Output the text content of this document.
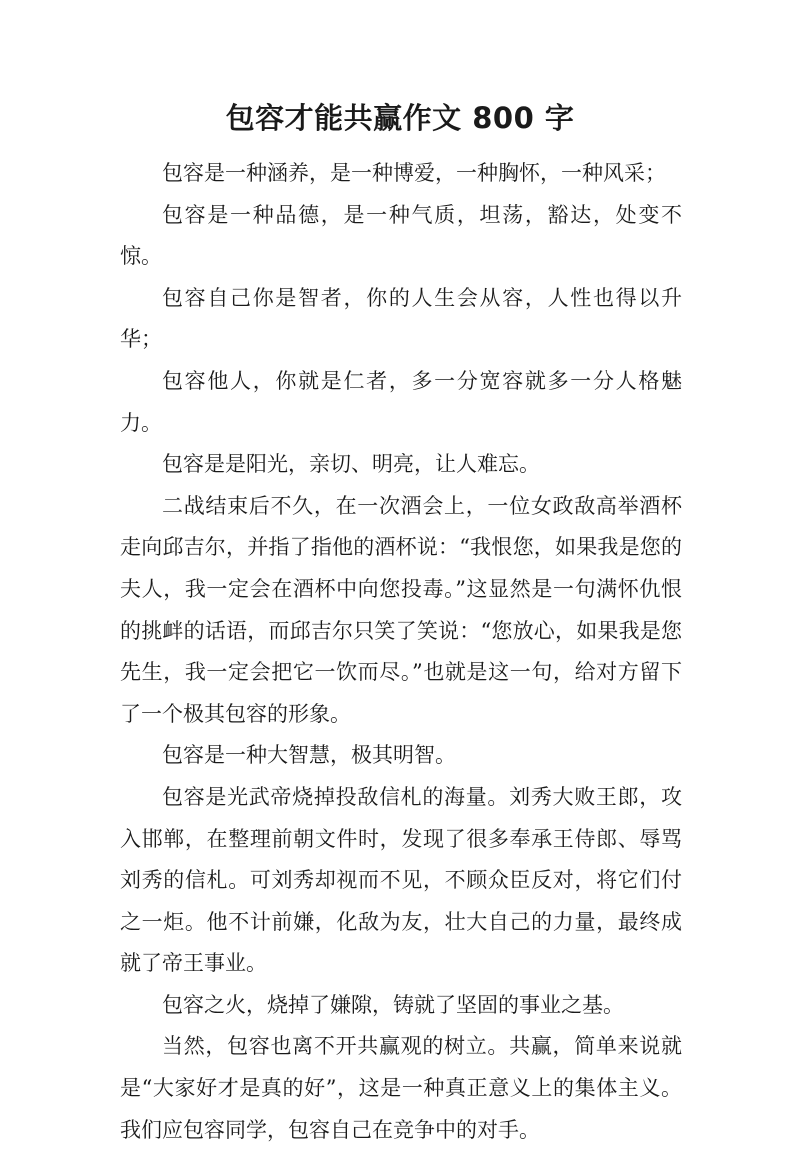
包容才能共赢作文 800 字

包容是一种涵养，是一种博爱，一种胸怀，一种风采；

包容是一种品德，是一种气质，坦荡，豁达，处变不惊。

包容自己你是智者，你的人生会从容，人性也得以升华；

包容他人，你就是仁者，多一分宽容就多一分人格魅力。

包容是是阳光，亲切、明亮，让人难忘。

二战结束后不久，在一次酒会上，一位女政敌高举酒杯走向邱吉尔，并指了指他的酒杯说：“我恨您，如果我是您的夫人，我一定会在酒杯中向您投毒。”这显然是一句满怀仇恨的挑衅的话语，而邱吉尔只笑了笑说：“您放心，如果我是您先生，我一定会把它一饮而尽。”也就是这一句，给对方留下了一个极其包容的形象。

包容是一种大智慧，极其明智。

包容是光武帝烧掉投敌信札的海量。刘秀大败王郎，攻入邯郸，在整理前朝文件时，发现了很多奉承王侍郎、辱骂刘秀的信札。可刘秀却视而不见，不顾众臣反对，将它们付之一炬。他不计前嫌，化敌为友，壮大自己的力量，最终成就了帝王事业。

包容之火，烧掉了嫌隙，铸就了坚固的事业之基。

当然，包容也离不开共赢观的树立。共赢，简单来说就是“大家好才是真的好”，这是一种真正意义上的集体主义。我们应包容同学，包容自己在竞争中的对手。
